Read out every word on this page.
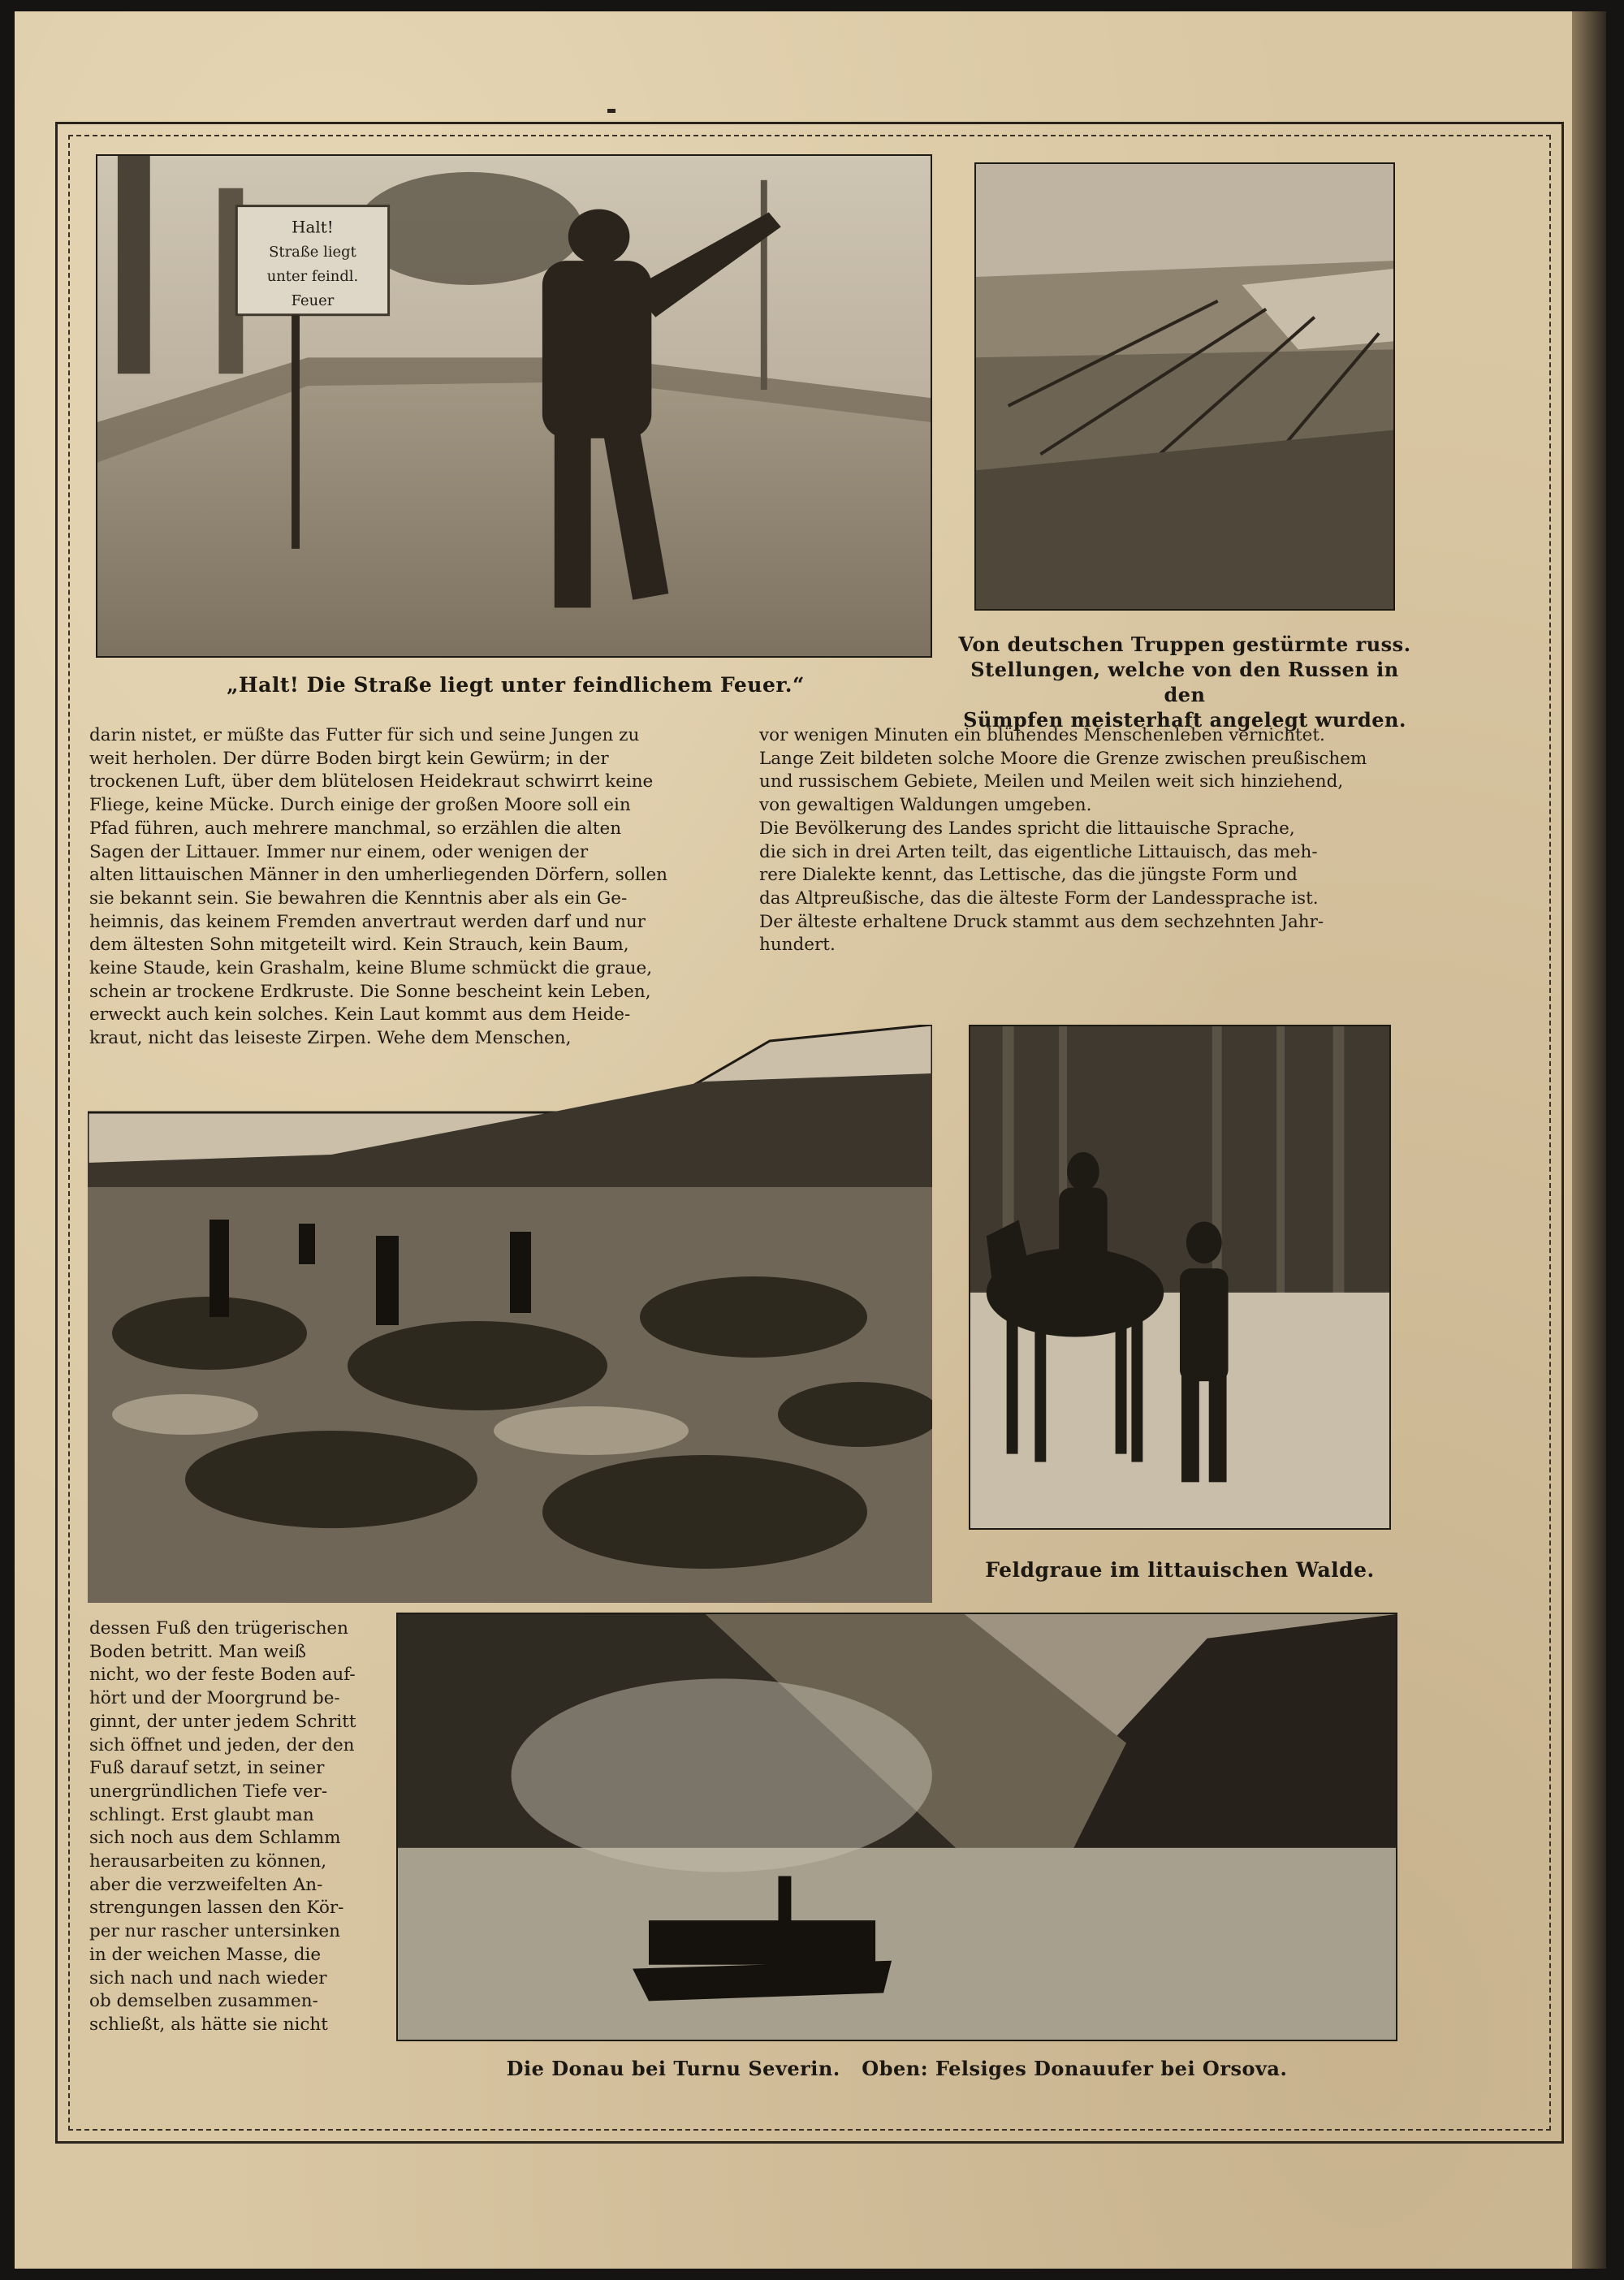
Halt!
Straße liegt
unter feindl.
Feuer
„Halt! Die Straße liegt unter feindlichem Feuer.“
Von deutschen Truppen gestürmte russ.
Stellungen, welche von den Russen in den
Sümpfen meisterhaft angelegt wurden.
darin nistet, er müßte das Futter für sich und seine Jungen zu
weit herholen. Der dürre Boden birgt kein Gewürm; in der
trockenen Luft, über dem blütelosen Heidekraut schwirrt keine
Fliege, keine Mücke. Durch einige der großen Moore soll ein
Pfad führen, auch mehrere manchmal, so erzählen die alten
Sagen der Littauer. Immer nur einem, oder wenigen der
alten littauischen Männer in den umherliegenden Dörfern, sollen
sie bekannt sein. Sie bewahren die Kenntnis aber als ein Ge-
heimnis, das keinem Fremden anvertraut werden darf und nur
dem ältesten Sohn mitgeteilt wird. Kein Strauch, kein Baum,
keine Staude, kein Grashalm, keine Blume schmückt die graue,
schein ar trockene Erdkruste. Die Sonne bescheint kein Leben,
erweckt auch kein solches. Kein Laut kommt aus dem Heide-
kraut, nicht das leiseste Zirpen. Wehe dem Menschen,
vor wenigen Minuten ein blühendes Menschenleben vernichtet.
Lange Zeit bildeten solche Moore die Grenze zwischen preußischem
und russischem Gebiete, Meilen und Meilen weit sich hinziehend,
von gewaltigen Waldungen umgeben.
Die Bevölkerung des Landes spricht die littauische Sprache,
die sich in drei Arten teilt, das eigentliche Littauisch, das meh-
rere Dialekte kennt, das Lettische, das die jüngste Form und
das Altpreußische, das die älteste Form der Landessprache ist.
Der älteste erhaltene Druck stammt aus dem sechzehnten Jahr-
hundert.
Feldgraue im littauischen Walde.
Die Donau bei Turnu Severin.   Oben: Felsiges Donauufer bei Orsova.
dessen Fuß den trügerischen
Boden betritt. Man weiß
nicht, wo der feste Boden auf-
hört und der Moorgrund be-
ginnt, der unter jedem Schritt
sich öffnet und jeden, der den
Fuß darauf setzt, in seiner
unergründlichen Tiefe ver-
schlingt. Erst glaubt man
sich noch aus dem Schlamm
herausarbeiten zu können,
aber die verzweifelten An-
strengungen lassen den Kör-
per nur rascher untersinken
in der weichen Masse, die
sich nach und nach wieder
ob demselben zusammen-
schließt, als hätte sie nicht
